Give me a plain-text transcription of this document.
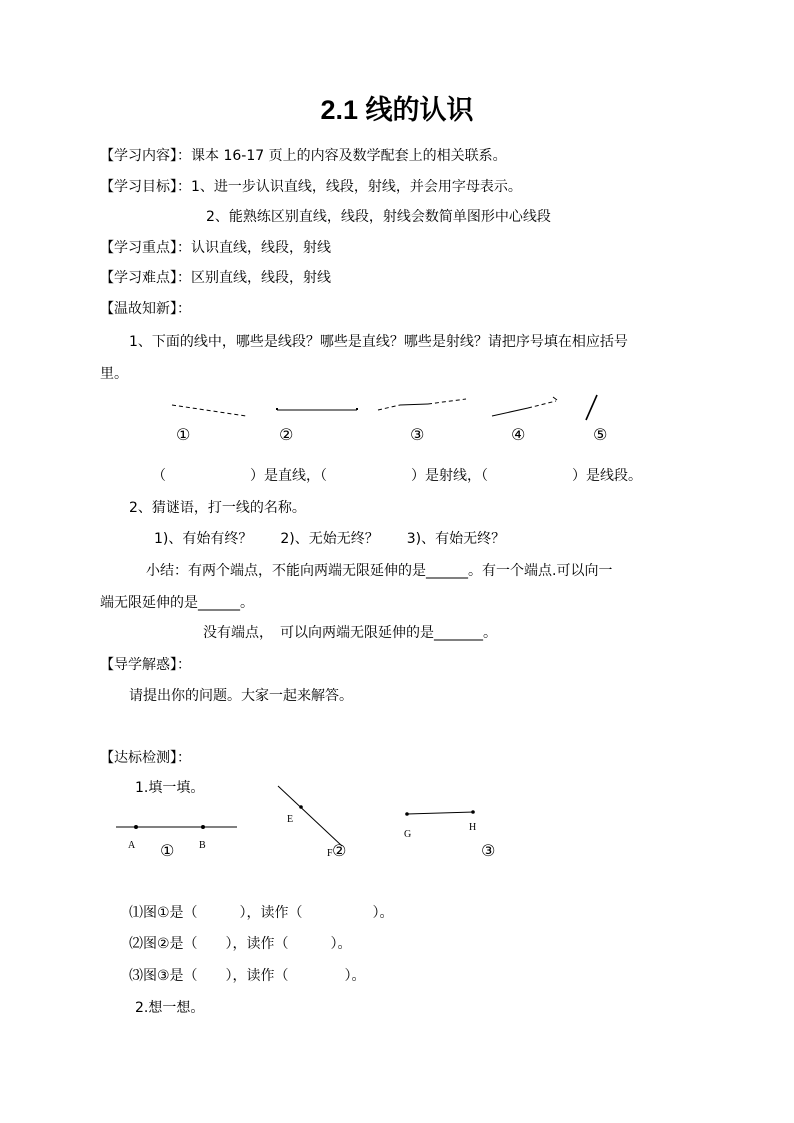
2.1 线的认识
【学习内容】：课本 16-17 页上的内容及数学配套上的相关联系。
【学习目标】：1、进一步认识直线，线段，射线，并会用字母表示。
2、能熟练区别直线，线段，射线会数简单图形中心线段
【学习重点】：认识直线，线段，射线
【学习难点】：区别直线，线段，射线
【温故知新】：
1、下面的线中，哪些是线段？哪些是直线？哪些是射线？请把序号填在相应括号
里。
①	②	③	④	⑤
（　　　　　　）是直线，（　　　　　　）是射线，（　　　　　　）是线段。
2、猜谜语，打一线的名称。
1)、有始有终？　　2)、无始无终？　　3)、有始无终？
小结：有两个端点，不能向两端无限延伸的是______。有一个端点.可以向一
端无限延伸的是______。
没有端点，　可以向两端无限延伸的是_______。
【导学解惑】：
请提出你的问题。大家一起来解答。
【达标检测】：
1.填一填。
A	B
E
F
G
H
①	②	③
⑴图①是（　　　），读作（　　　　　）。
⑵图②是（　　），读作（　　　）。
⑶图③是（　　），读作（　　　　）。
2.想一想。
